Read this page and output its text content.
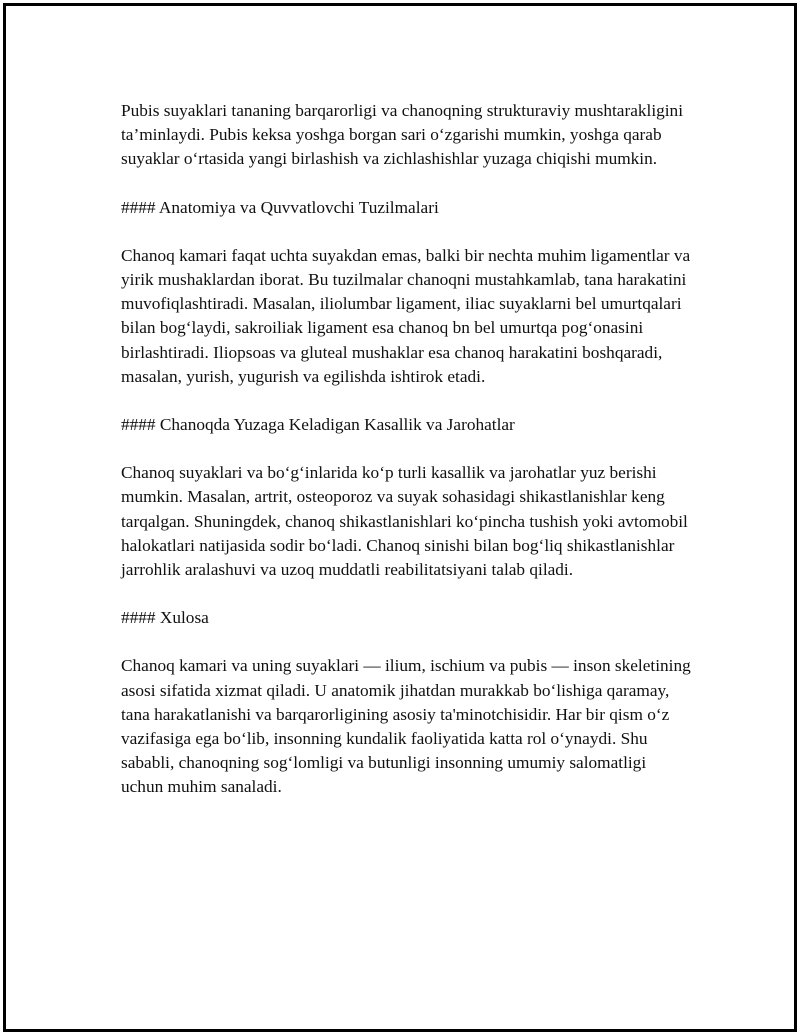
Pubis suyaklari tananing barqarorligi va chanoqning strukturaviy mushtarakligini ta’minlaydi. Pubis keksa yoshga borgan sari o‘zgarishi mumkin, yoshga qarab suyaklar o‘rtasida yangi birlashish va zichlashishlar yuzaga chiqishi mumkin.

#### Anatomiya va Quvvatlovchi Tuzilmalari

Chanoq kamari faqat uchta suyakdan emas, balki bir nechta muhim ligamentlar va yirik mushaklardan iborat. Bu tuzilmalar chanoqni mustahkamlab, tana harakatini muvofiqlashtiradi. Masalan, iliolumbar ligament, iliac suyaklarni bel umurtqalari bilan bog‘laydi, sakroiliak ligament esa chanoq bn bel umurtqa pog‘onasini birlashtiradi. Iliopsoas va gluteal mushaklar esa chanoq harakatini boshqaradi, masalan, yurish, yugurish va egilishda ishtirok etadi.

#### Chanoqda Yuzaga Keladigan Kasallik va Jarohatlar

Chanoq suyaklari va bo‘g‘inlarida ko‘p turli kasallik va jarohatlar yuz berishi mumkin. Masalan, artrit, osteoporoz va suyak sohasidagi shikastlanishlar keng tarqalgan. Shuningdek, chanoq shikastlanishlari ko‘pincha tushish yoki avtomobil halokatlari natijasida sodir bo‘ladi. Chanoq sinishi bilan bog‘liq shikastlanishlar jarrohlik aralashuvi va uzoq muddatli reabilitatsiyani talab qiladi.

#### Xulosa

Chanoq kamari va uning suyaklari — ilium, ischium va pubis — inson skeletining asosi sifatida xizmat qiladi. U anatomik jihatdan murakkab bo‘lishiga qaramay, tana harakatlanishi va barqarorligining asosiy ta'minotchisidir. Har bir qism o‘z vazifasiga ega bo‘lib, insonning kundalik faoliyatida katta rol o‘ynaydi. Shu sababli, chanoqning sog‘lomligi va butunligi insonning umumiy salomatligi uchun muhim sanaladi.
